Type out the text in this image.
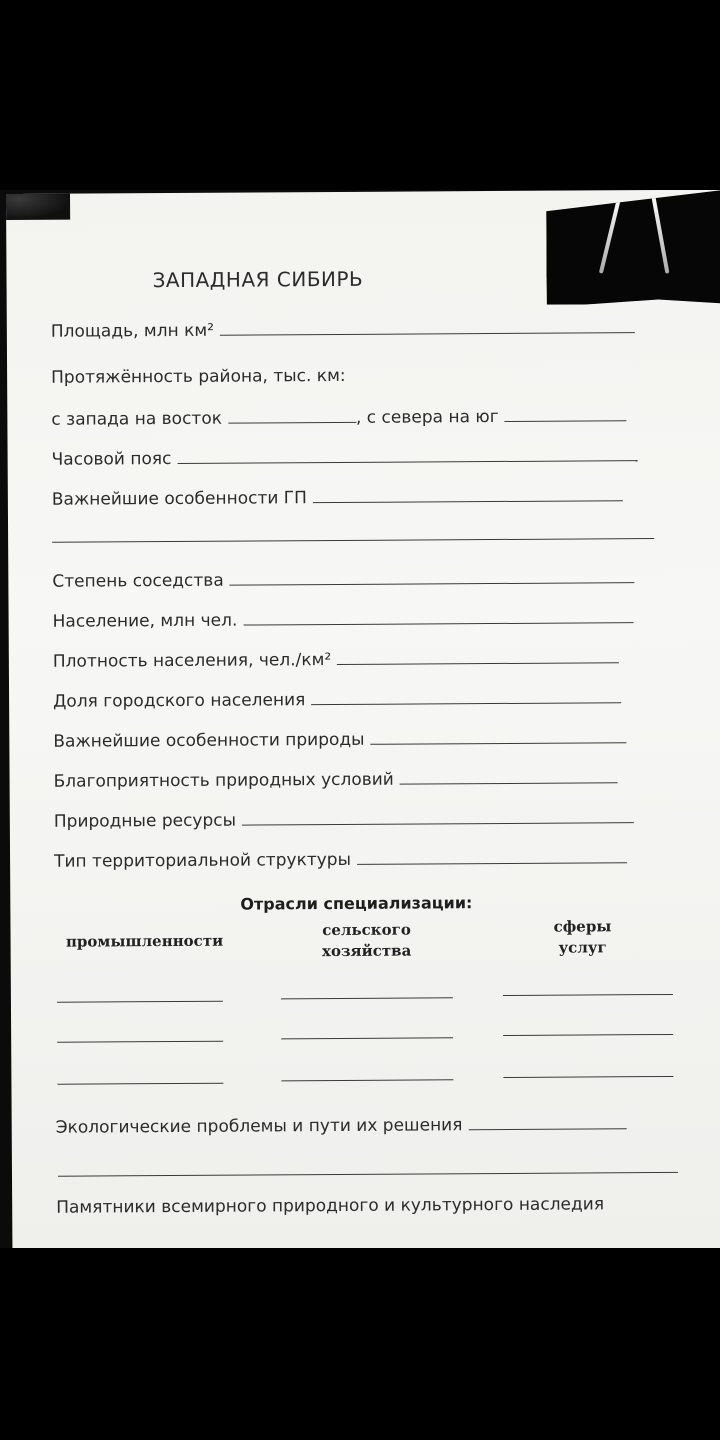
ЗАПАДНАЯ СИБИРЬ
Площадь, млн км²
Протяжённость района, тыс. км:
с запада на восток	, с севера на юг
Часовой пояс
Важнейшие особенности ГП
Степень соседства
Население, млн чел.
Плотность населения, чел./км²
Доля городского населения
Важнейшие особенности природы
Благоприятность природных условий
Природные ресурсы
Тип территориальной структуры
Отрасли специализации:
промышленности
сельского
хозяйства
сферы
услуг
Экологические проблемы и пути их решения
Памятники всемирного природного и культурного наследия
